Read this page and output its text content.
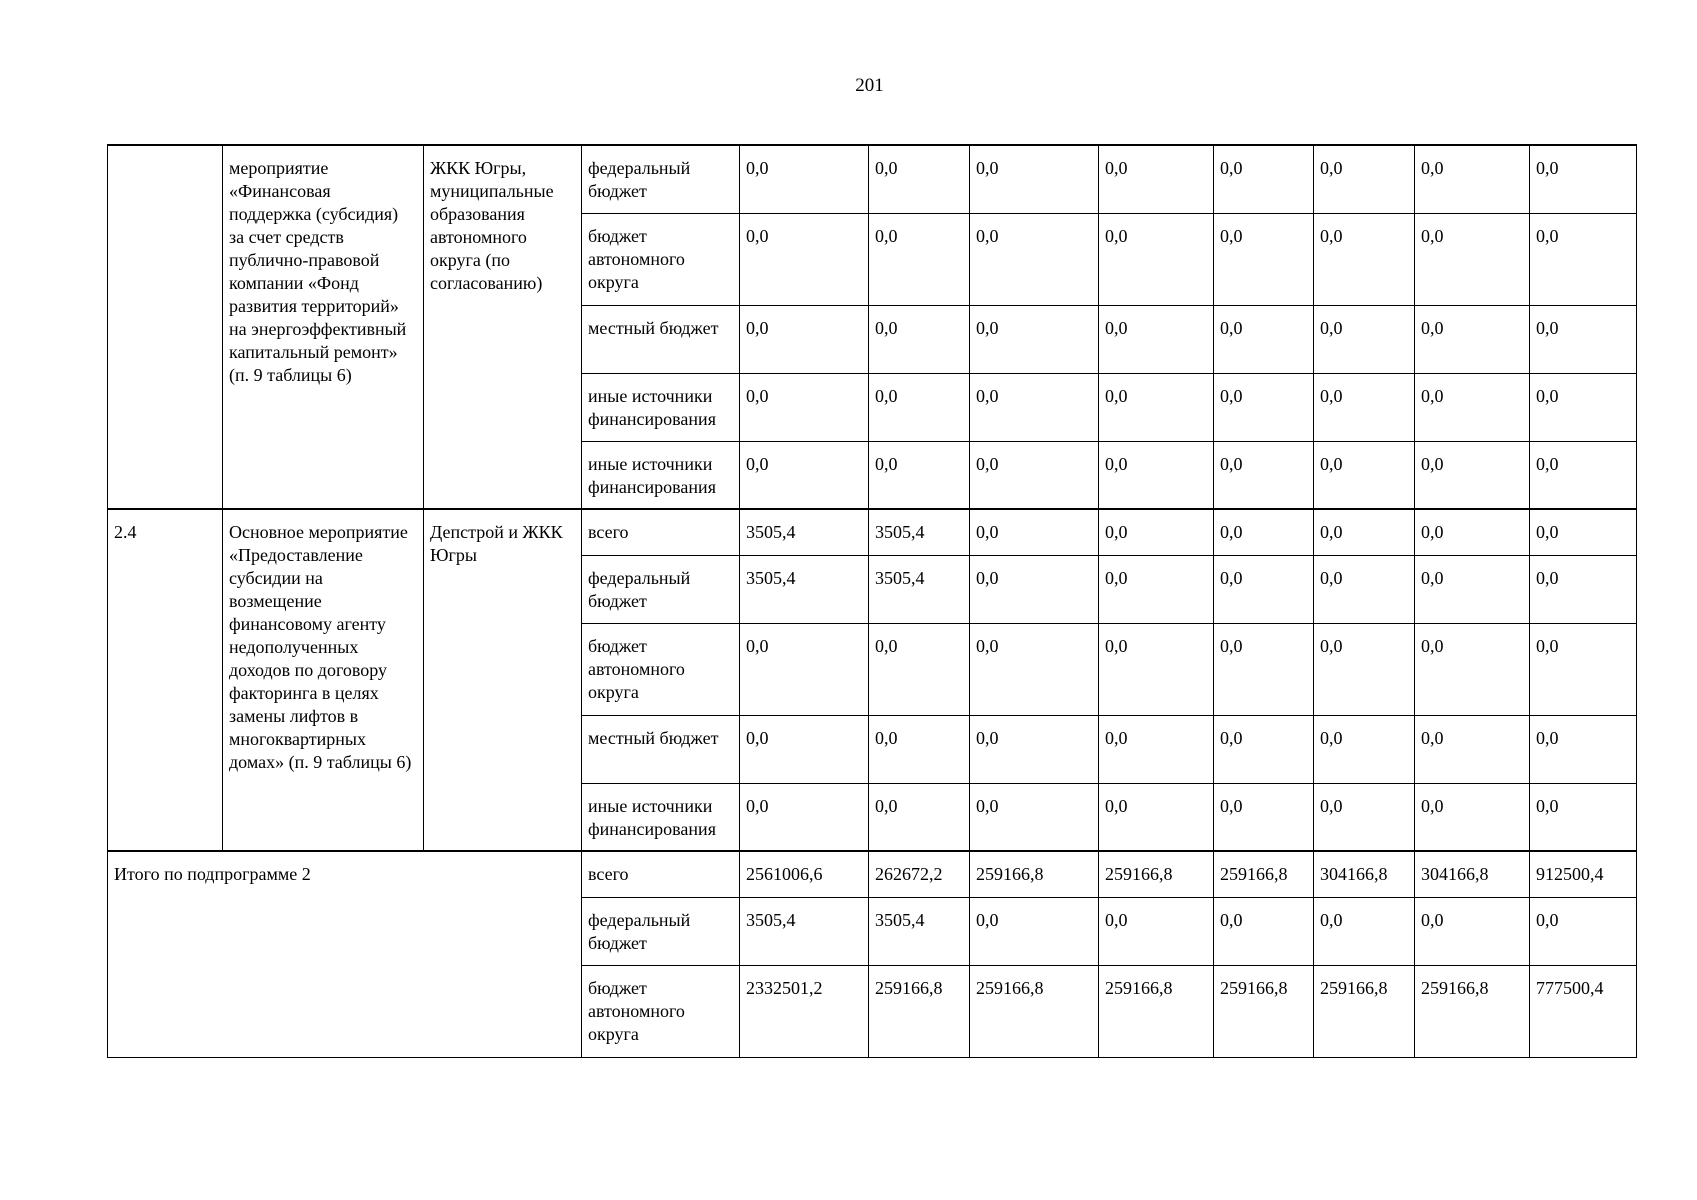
201
	мероприятие «Финансовая поддержка (субсидия) за счет средств публично-правовой компании «Фонд развития территорий» на энергоэффективный капитальный ремонт» (п. 9 таблицы 6)	ЖКК Югры, муниципальные образования автономного округа (по согласованию)	федеральный бюджет	0,0	0,0	0,0	0,0	0,0	0,0	0,0	0,0
			бюджет автономного округа	0,0	0,0	0,0	0,0	0,0	0,0	0,0	0,0
			местный бюджет	0,0	0,0	0,0	0,0	0,0	0,0	0,0	0,0
			иные источники финансирования	0,0	0,0	0,0	0,0	0,0	0,0	0,0	0,0
			иные источники финансирования	0,0	0,0	0,0	0,0	0,0	0,0	0,0	0,0
2.4	Основное мероприятие «Предоставление субсидии на возмещение финансовому агенту недополученных доходов по договору факторинга в целях замены лифтов в многоквартирных домах» (п. 9 таблицы 6)	Депстрой и ЖКК Югры	всего	3505,4	3505,4	0,0	0,0	0,0	0,0	0,0	0,0
			федеральный бюджет	3505,4	3505,4	0,0	0,0	0,0	0,0	0,0	0,0
			бюджет автономного округа	0,0	0,0	0,0	0,0	0,0	0,0	0,0	0,0
			местный бюджет	0,0	0,0	0,0	0,0	0,0	0,0	0,0	0,0
			иные источники финансирования	0,0	0,0	0,0	0,0	0,0	0,0	0,0	0,0
Итого по подпрограмме 2			всего	2561006,6	262672,2	259166,8	259166,8	259166,8	304166,8	304166,8	912500,4
			федеральный бюджет	3505,4	3505,4	0,0	0,0	0,0	0,0	0,0	0,0
			бюджет автономного округа	2332501,2	259166,8	259166,8	259166,8	259166,8	259166,8	259166,8	777500,4
